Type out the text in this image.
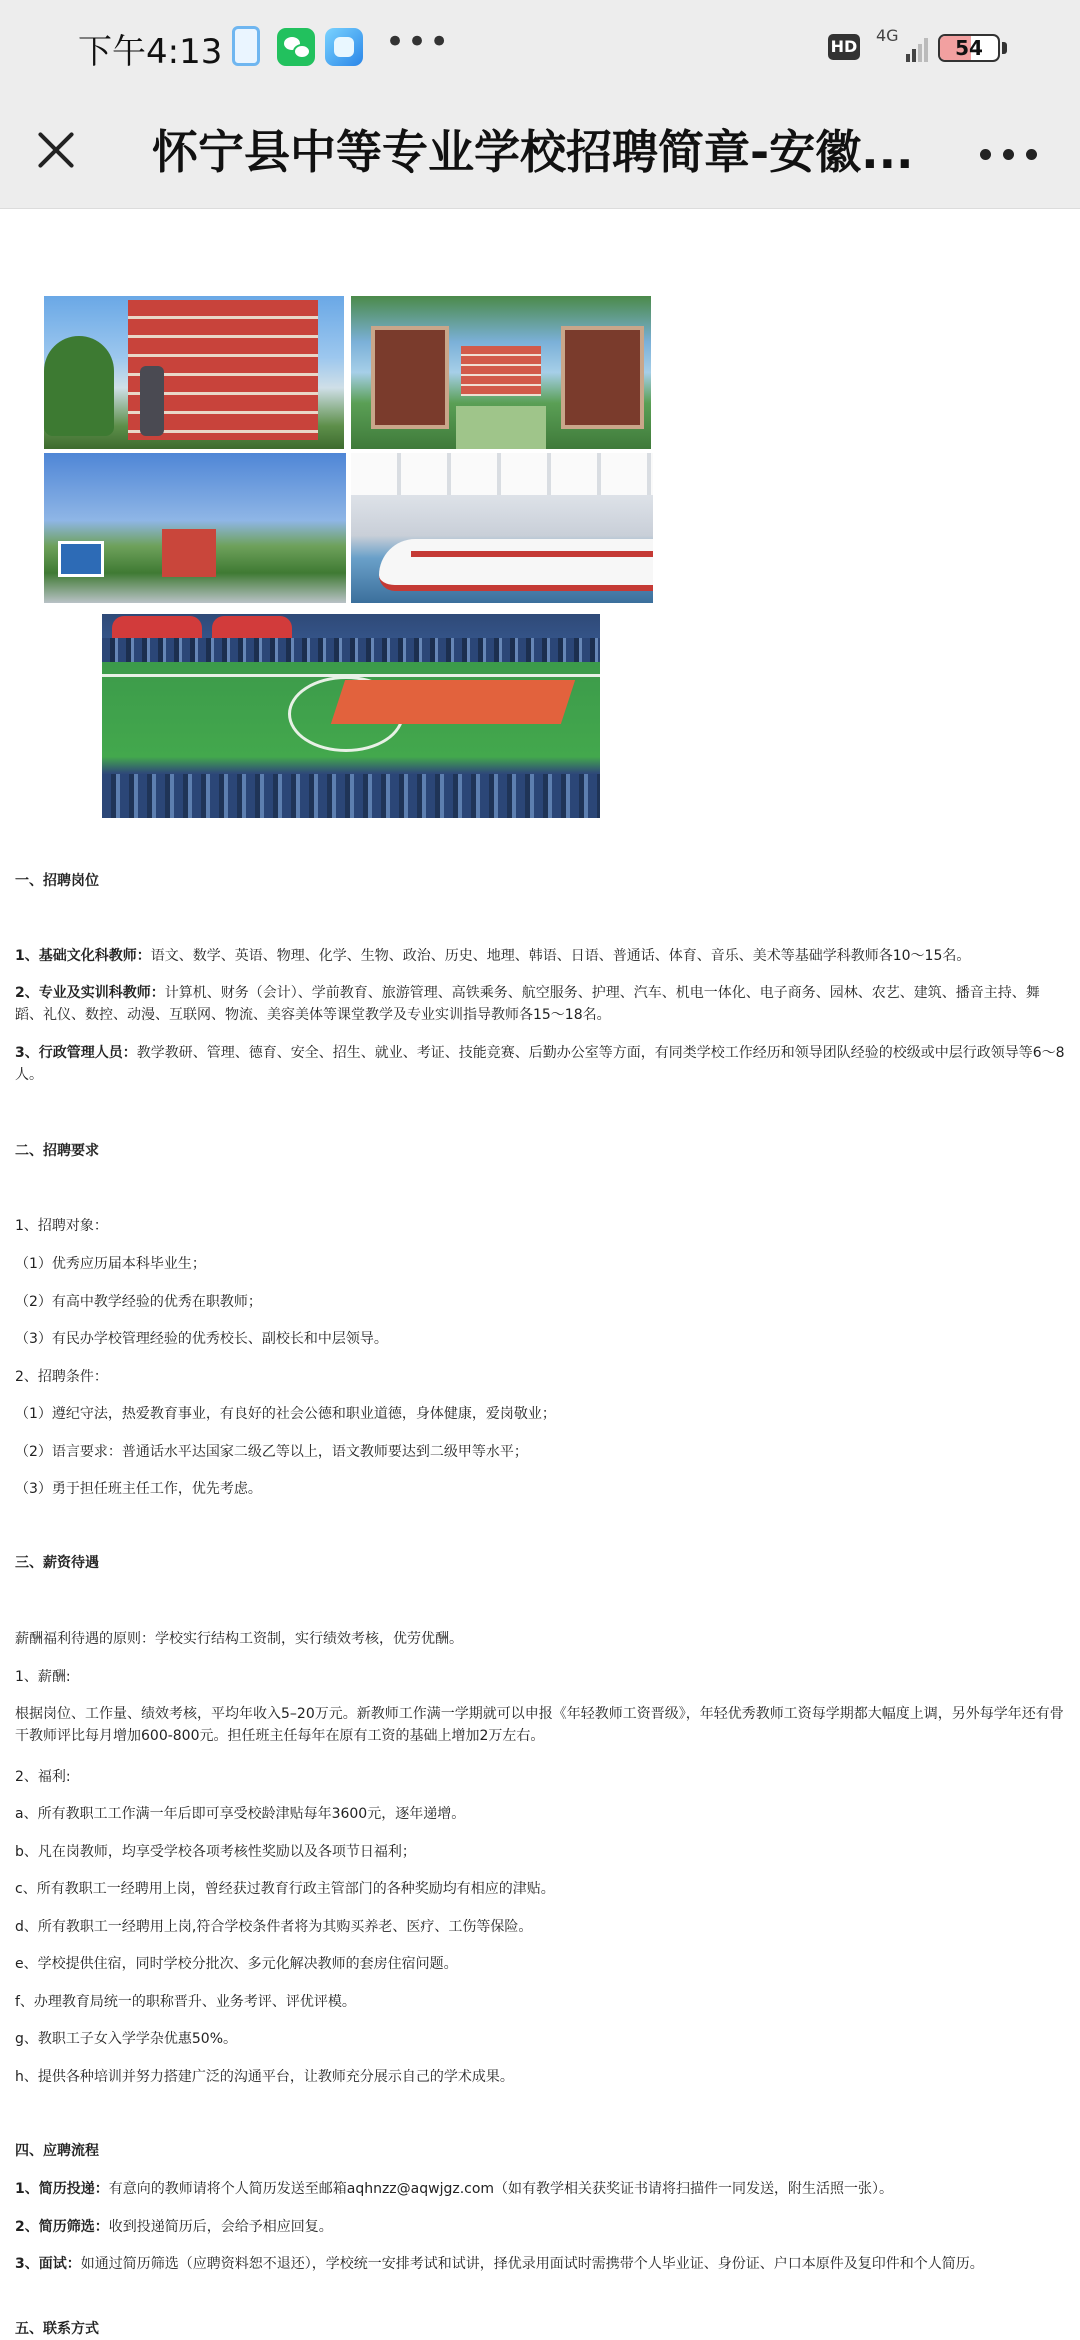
下午4:13	•••	HD
4G
54
怀宁县中等专业学校招聘简章-安徽...
一、招聘岗位
1、基础文化科教师：语文、数学、英语、物理、化学、生物、政治、历史、地理、韩语、日语、普通话、体育、音乐、美术等基础学科教师各10～15名。
2、专业及实训科教师：计算机、财务（会计）、学前教育、旅游管理、高铁乘务、航空服务、护理、汽车、机电一体化、电子商务、园林、农艺、建筑、播音主持、舞蹈、礼仪、数控、动漫、互联网、物流、美容美体等课堂教学及专业实训指导教师各15～18名。
3、行政管理人员：教学教研、管理、德育、安全、招生、就业、考证、技能竞赛、后勤办公室等方面，有同类学校工作经历和领导团队经验的校级或中层行政领导等6～8人。
二、招聘要求
1、招聘对象：
（1）优秀应历届本科毕业生；
（2）有高中教学经验的优秀在职教师；
（3）有民办学校管理经验的优秀校长、副校长和中层领导。
2、招聘条件：
（1）遵纪守法，热爱教育事业，有良好的社会公德和职业道德，身体健康，爱岗敬业；
（2）语言要求：普通话水平达国家二级乙等以上，语文教师要达到二级甲等水平；
（3）勇于担任班主任工作，优先考虑。
三、薪资待遇
薪酬福利待遇的原则：学校实行结构工资制，实行绩效考核，优劳优酬。
1、薪酬:
根据岗位、工作量、绩效考核，平均年收入5–20万元。新教师工作满一学期就可以申报《年轻教师工资晋级》，年轻优秀教师工资每学期都大幅度上调，另外每学年还有骨干教师评比每月增加600-800元。担任班主任每年在原有工资的基础上增加2万左右。
2、福利:
a、所有教职工工作满一年后即可享受校龄津贴每年3600元，逐年递增。
b、凡在岗教师，均享受学校各项考核性奖励以及各项节日福利；
c、所有教职工一经聘用上岗，曾经获过教育行政主管部门的各种奖励均有相应的津贴。
d、所有教职工一经聘用上岗,符合学校条件者将为其购买养老、医疗、工伤等保险。
e、学校提供住宿，同时学校分批次、多元化解决教师的套房住宿问题。
f、办理教育局统一的职称晋升、业务考评、评优评模。
g、教职工子女入学学杂优惠50%。
h、提供各种培训并努力搭建广泛的沟通平台，让教师充分展示自己的学术成果。
四、应聘流程
1、简历投递：有意向的教师请将个人简历发送至邮箱aqhnzz@aqwjgz.com（如有教学相关获奖证书请将扫描件一同发送，附生活照一张）。
2、简历筛选：收到投递简历后，会给予相应回复。
3、面试：如通过简历筛选（应聘资料恕不退还），学校统一安排考试和试讲，择优录用面试时需携带个人毕业证、身份证、户口本原件及复印件和个人简历。
五、联系方式
